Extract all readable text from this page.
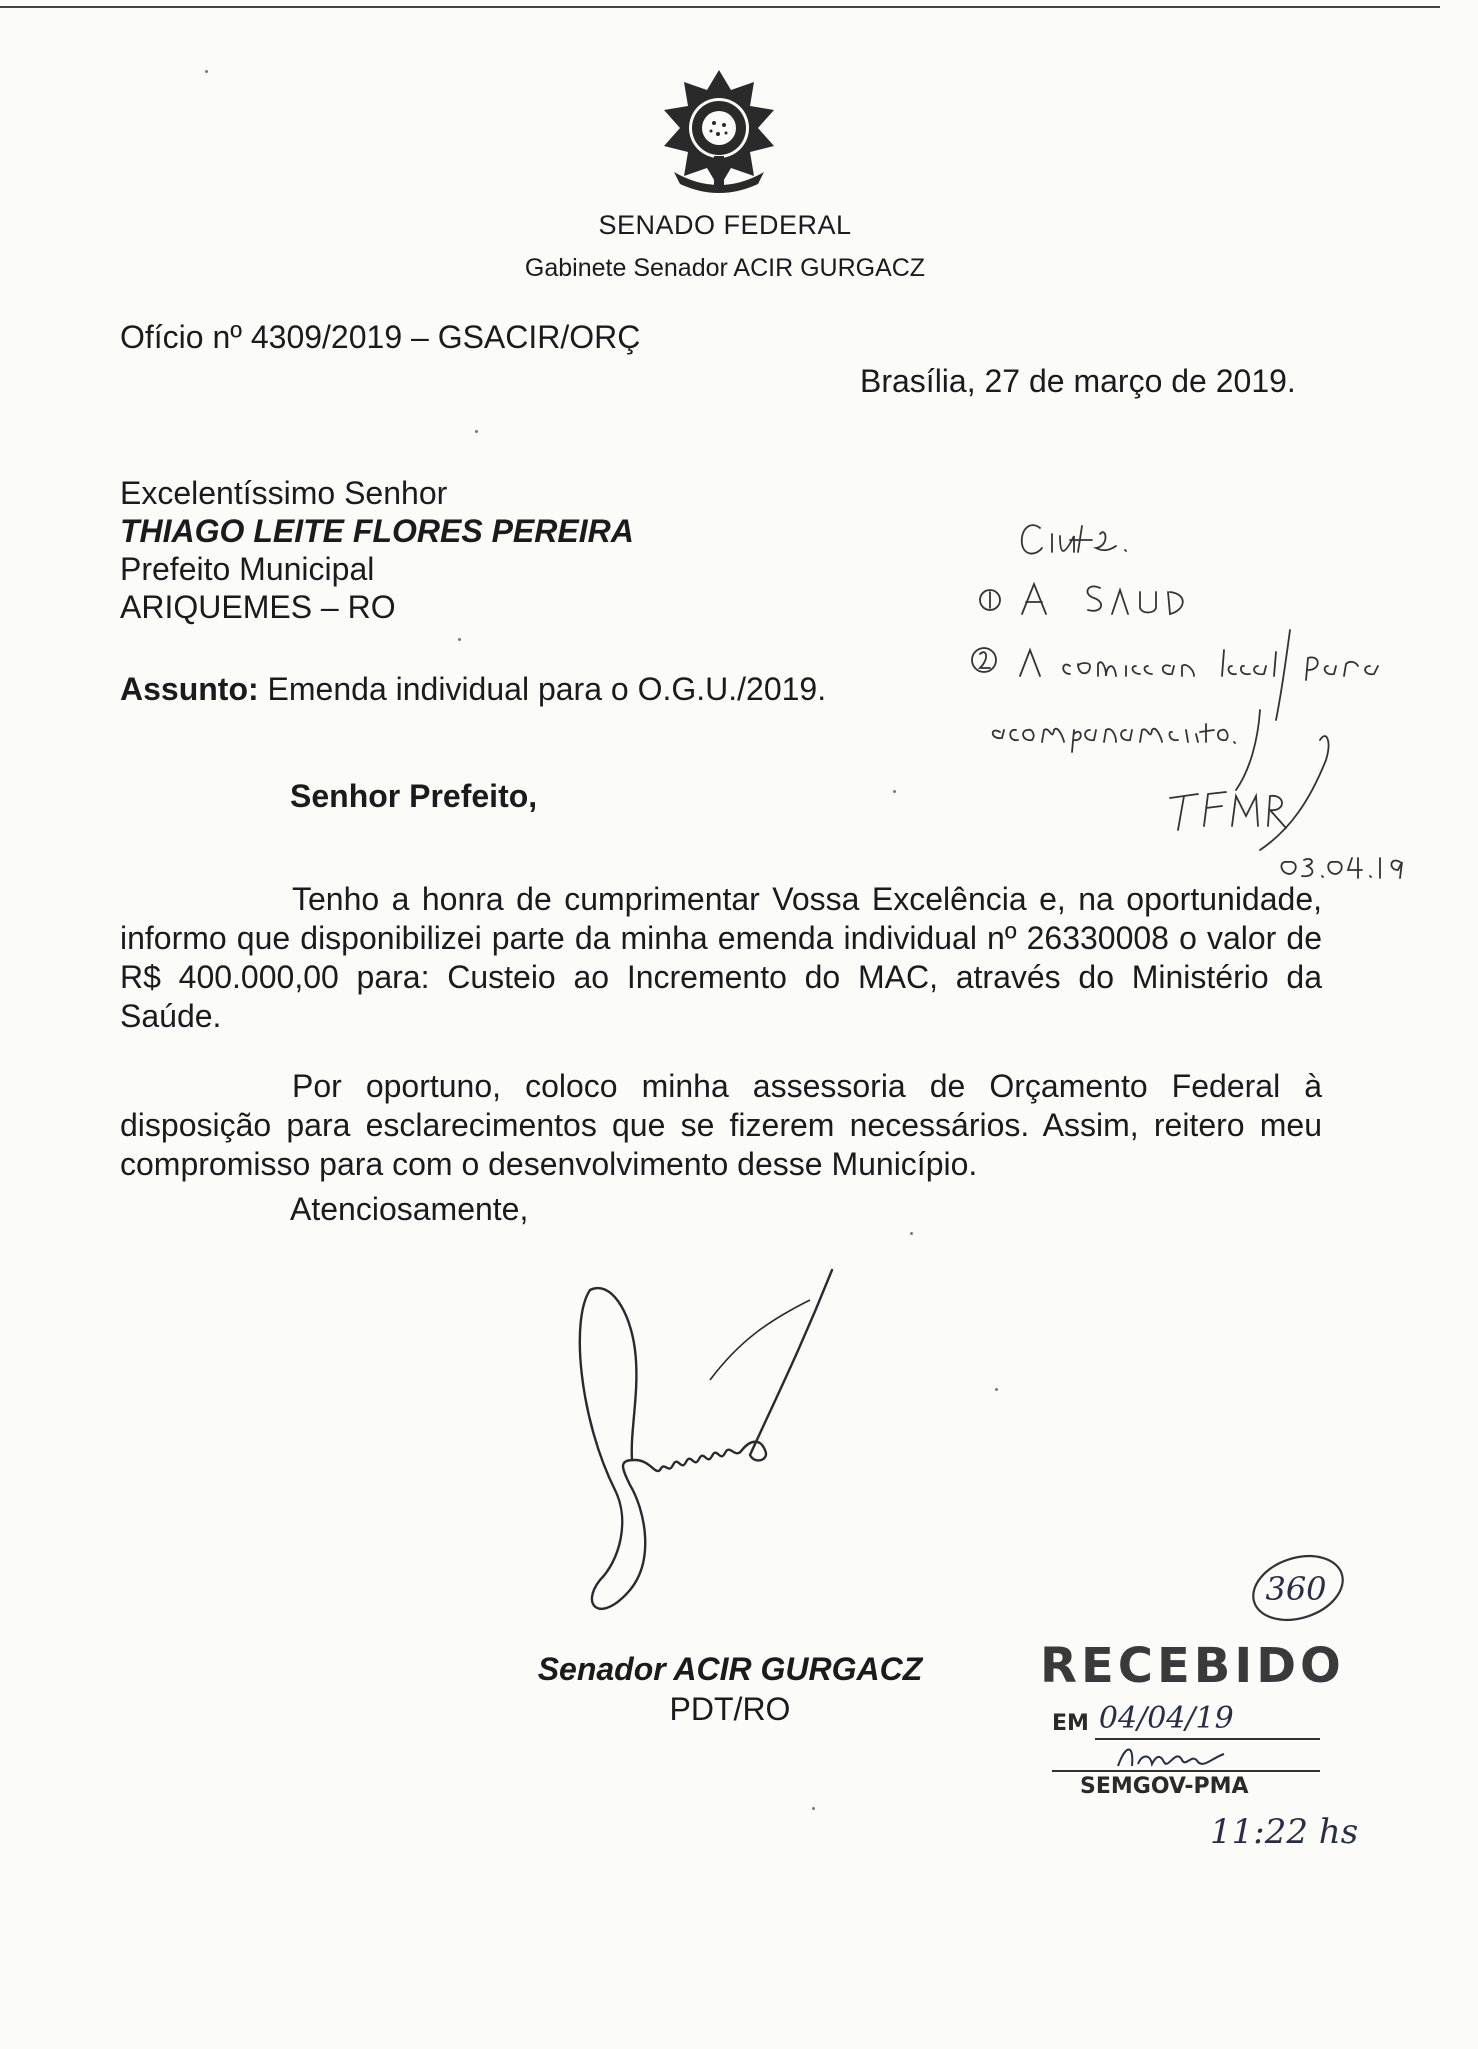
SENADO FEDERAL

Gabinete Senador ACIR GURGACZ

Ofício nº 4309/2019 – GSACIR/ORÇ

Brasília, 27 de março de 2019.

Excelentíssimo Senhor

THIAGO LEITE FLORES PEREIRA

Prefeito Municipal

ARIQUEMES – RO

Assunto: Emenda individual para o O.G.U./2019.

Senhor Prefeito,

Tenho a honra de cumprimentar Vossa Excelência e, na oportunidade, informo que disponibilizei parte da minha emenda individual nº 26330008 o valor de R$ 400.000,00 para: Custeio ao Incremento do MAC, através do Ministério da Saúde.

Por oportuno, coloco minha assessoria de Orçamento Federal à disposição para esclarecimentos que se fizerem necessários. Assim, reitero meu compromisso para com o desenvolvimento desse Município.

Atenciosamente,

Senador ACIR GURGACZ

PDT/RO

360

RECEBIDO

EM 04/04/19

SEMGOV-PMA

11:22 hs
